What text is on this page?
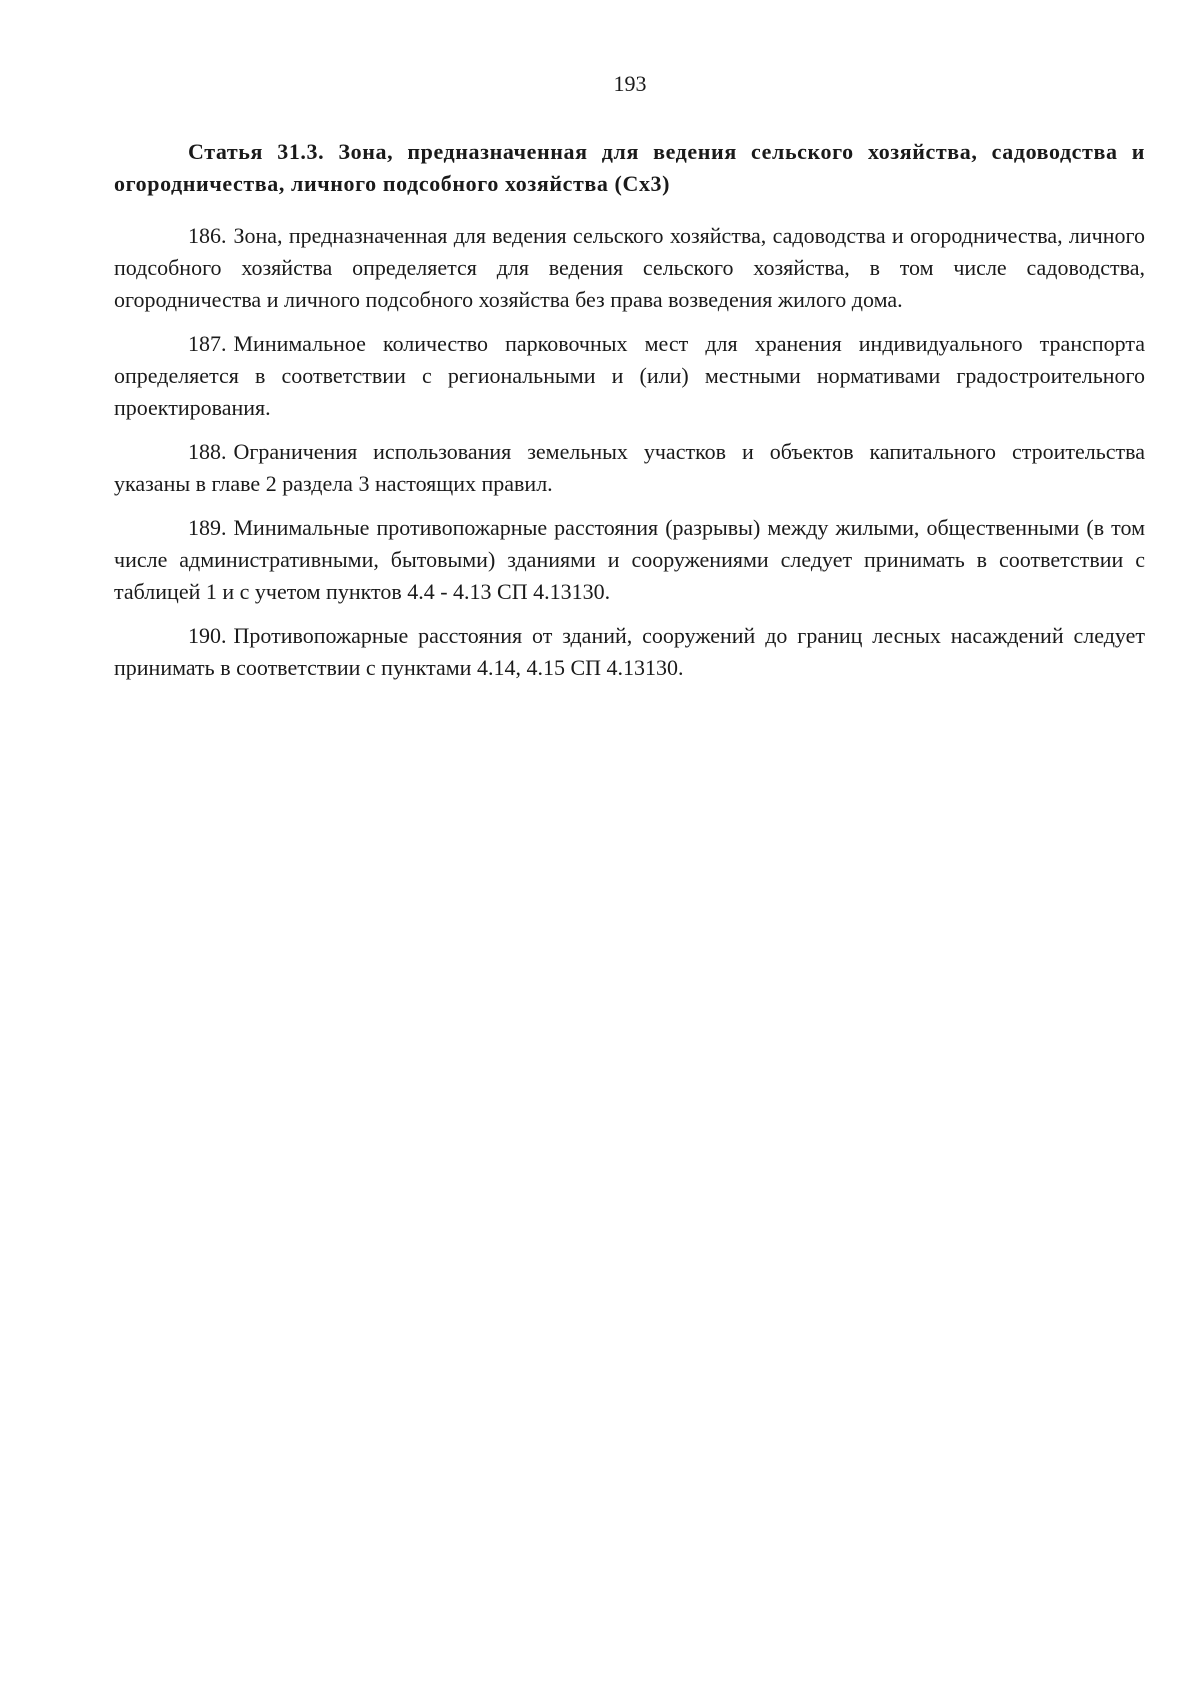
193

Статья 31.3. Зона, предназначенная для ведения сельского хозяйства, садоводства и огородничества, личного подсобного хозяйства (Сх3)

186. Зона, предназначенная для ведения сельского хозяйства, садоводства и огородничества, личного подсобного хозяйства определяется для ведения сельского хозяйства, в том числе садоводства, огородничества и личного подсобного хозяйства без права возведения жилого дома.

187. Минимальное количество парковочных мест для хранения индивидуального транспорта определяется в соответствии с региональными и (или) местными нормативами градостроительного проектирования.

188. Ограничения использования земельных участков и объектов капитального строительства указаны в главе 2 раздела 3 настоящих правил.

189. Минимальные противопожарные расстояния (разрывы) между жилыми, общественными (в том числе административными, бытовыми) зданиями и сооружениями следует принимать в соответствии с таблицей 1 и с учетом пунктов 4.4 - 4.13 СП 4.13130.

190. Противопожарные расстояния от зданий, сооружений до границ лесных насаждений следует принимать в соответствии с пунктами 4.14, 4.15 СП 4.13130.
